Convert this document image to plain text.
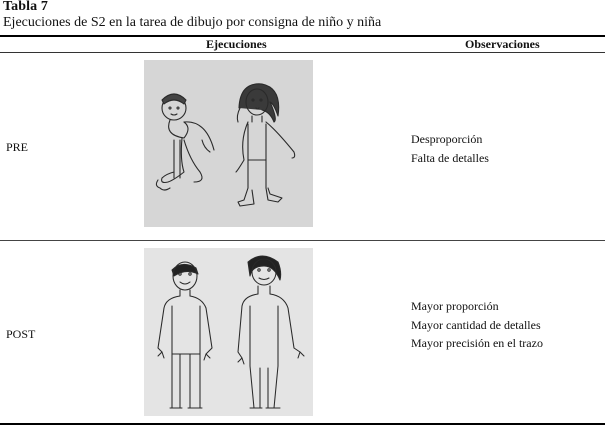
Tabla 7
Ejecuciones de S2 en la tarea de dibujo por consigna de niño y niña
Ejecuciones	Observaciones
PRE
Desproporción
Falta de detalles
POST
Mayor proporción
Mayor cantidad de detalles
Mayor precisión en el trazo
